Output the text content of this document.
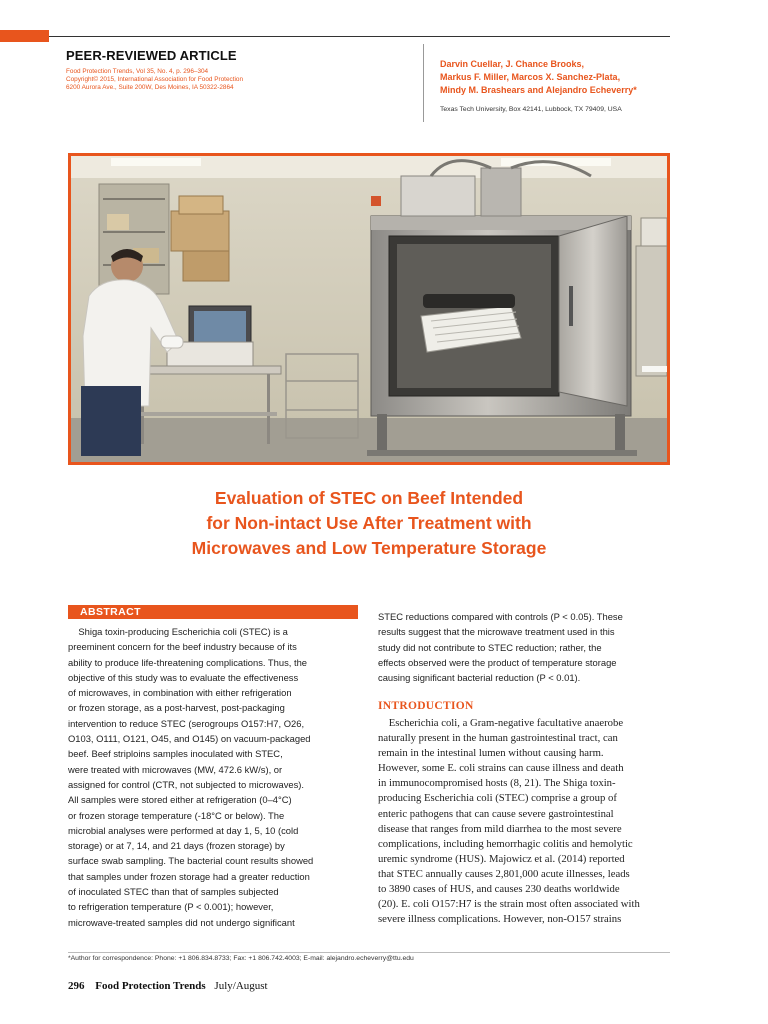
PEER-REVIEWED ARTICLE
Food Protection Trends, Vol 35, No. 4, p. 296–304
Copyright© 2015, International Association for Food Protection
6200 Aurora Ave., Suite 200W, Des Moines, IA 50322-2864
Darvin Cuellar, J. Chance Brooks,
Markus F. Miller, Marcos X. Sanchez-Plata,
Mindy M. Brashears and Alejandro Echeverry*
Texas Tech University, Box 42141, Lubbock, TX 79409, USA
Evaluation of STEC on Beef Intended
for Non-intact Use After Treatment with
Microwaves and Low Temperature Storage
ABSTRACT
Shiga toxin-producing Escherichia coli (STEC) is a
preeminent concern for the beef industry because of its
ability to produce life-threatening complications. Thus, the
objective of this study was to evaluate the effectiveness
of microwaves, in combination with either refrigeration
or frozen storage, as a post-harvest, post-packaging
intervention to reduce STEC (serogroups O157:H7, O26,
O103, O111, O121, O45, and O145) on vacuum-packaged
beef. Beef striploins samples inoculated with STEC,
were treated with microwaves (MW, 472.6 kW/s), or
assigned for control (CTR, not subjected to microwaves).
All samples were stored either at refrigeration (0–4°C)
or frozen storage temperature (-18°C or below). The
microbial analyses were performed at day 1, 5, 10 (cold
storage) or at 7, 14, and 21 days (frozen storage) by
surface swab sampling. The bacterial count results showed
that samples under frozen storage had a greater reduction
of inoculated STEC than that of samples subjected
to refrigeration temperature (P < 0.001); however,
microwave-treated samples did not undergo significant
STEC reductions compared with controls (P < 0.05). These
results suggest that the microwave treatment used in this
study did not contribute to STEC reduction; rather, the
effects observed were the product of temperature storage
causing significant bacterial reduction (P < 0.01).
INTRODUCTION
Escherichia coli, a Gram-negative facultative anaerobe
naturally present in the human gastrointestinal tract, can
remain in the intestinal lumen without causing harm.
However, some E. coli strains can cause illness and death
in immunocompromised hosts (8, 21). The Shiga toxin-
producing Escherichia coli (STEC) comprise a group of
enteric pathogens that can cause severe gastrointestinal
disease that ranges from mild diarrhea to the most severe
complications, including hemorrhagic colitis and hemolytic
uremic syndrome (HUS). Majowicz et al. (2014) reported
that STEC annually causes 2,801,000 acute illnesses, leads
to 3890 cases of HUS, and causes 230 deaths worldwide
(20). E. coli O157:H7 is the strain most often associated with
severe illness complications. However, non-O157 strains
*Author for correspondence: Phone: +1 806.834.8733; Fax: +1 806.742.4003; E-mail: alejandro.echeverry@ttu.edu
296 Food Protection Trends July/August
